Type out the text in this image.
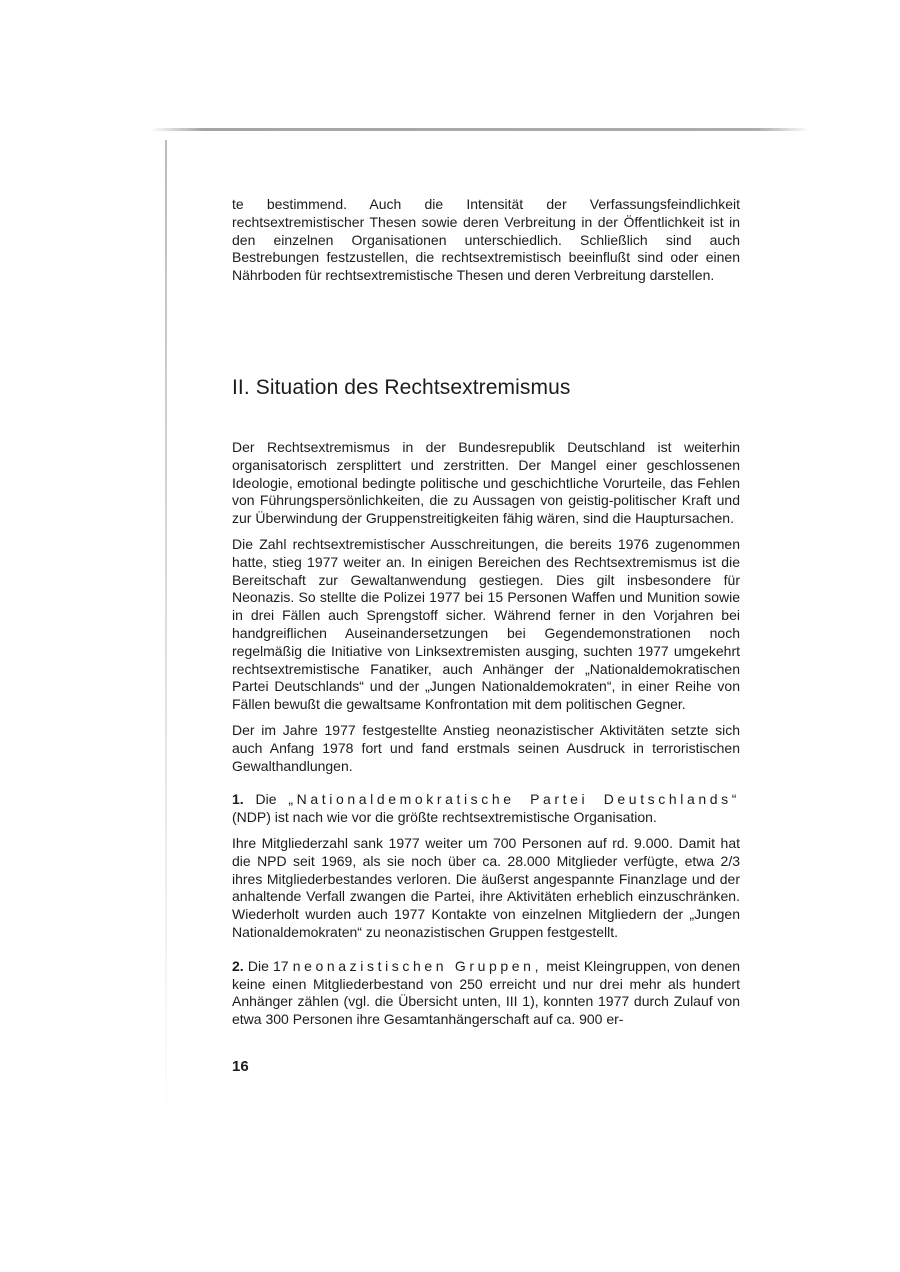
te bestimmend. Auch die Intensität der Verfassungsfeindlichkeit rechtsextremistischer Thesen sowie deren Verbreitung in der Öffentlichkeit ist in den einzelnen Organisationen unterschiedlich. Schließlich sind auch Bestrebungen festzustellen, die rechtsextremistisch beeinflußt sind oder einen Nährboden für rechtsextremistische Thesen und deren Verbreitung darstellen.

II. Situation des Rechtsextremismus

Der Rechtsextremismus in der Bundesrepublik Deutschland ist weiterhin organisatorisch zersplittert und zerstritten. Der Mangel einer geschlossenen Ideologie, emotional bedingte politische und geschichtliche Vorurteile, das Fehlen von Führungspersönlichkeiten, die zu Aussagen von geistig-politischer Kraft und zur Überwindung der Gruppenstreitigkeiten fähig wären, sind die Hauptursachen.

Die Zahl rechtsextremistischer Ausschreitungen, die bereits 1976 zugenommen hatte, stieg 1977 weiter an. In einigen Bereichen des Rechtsextremismus ist die Bereitschaft zur Gewaltanwendung gestiegen. Dies gilt insbesondere für Neonazis. So stellte die Polizei 1977 bei 15 Personen Waffen und Munition sowie in drei Fällen auch Sprengstoff sicher. Während ferner in den Vorjahren bei handgreiflichen Auseinandersetzungen bei Gegendemonstrationen noch regelmäßig die Initiative von Linksextremisten ausging, suchten 1977 umgekehrt rechtsextremistische Fanatiker, auch Anhänger der „Nationaldemokratischen Partei Deutschlands“ und der „Jungen Nationaldemokraten“, in einer Reihe von Fällen bewußt die gewaltsame Konfrontation mit dem politischen Gegner.

Der im Jahre 1977 festgestellte Anstieg neonazistischer Aktivitäten setzte sich auch Anfang 1978 fort und fand erstmals seinen Ausdruck in terroristischen Gewalthandlungen.

1. Die „Nationaldemokratische Partei Deutschlands“ (NDP) ist nach wie vor die größte rechtsextremistische Organisation.

Ihre Mitgliederzahl sank 1977 weiter um 700 Personen auf rd. 9.000. Damit hat die NPD seit 1969, als sie noch über ca. 28.000 Mitglieder verfügte, etwa 2/3 ihres Mitgliederbestandes verloren. Die äußerst angespannte Finanzlage und der anhaltende Verfall zwangen die Partei, ihre Aktivitäten erheblich einzuschränken. Wiederholt wurden auch 1977 Kontakte von einzelnen Mitgliedern der „Jungen Nationaldemokraten“ zu neonazistischen Gruppen festgestellt.

2. Die 17 neonazistischen Gruppen, meist Kleingruppen, von denen keine einen Mitgliederbestand von 250 erreicht und nur drei mehr als hundert Anhänger zählen (vgl. die Übersicht unten, III 1), konnten 1977 durch Zulauf von etwa 300 Personen ihre Gesamtanhängerschaft auf ca. 900 er-

16
